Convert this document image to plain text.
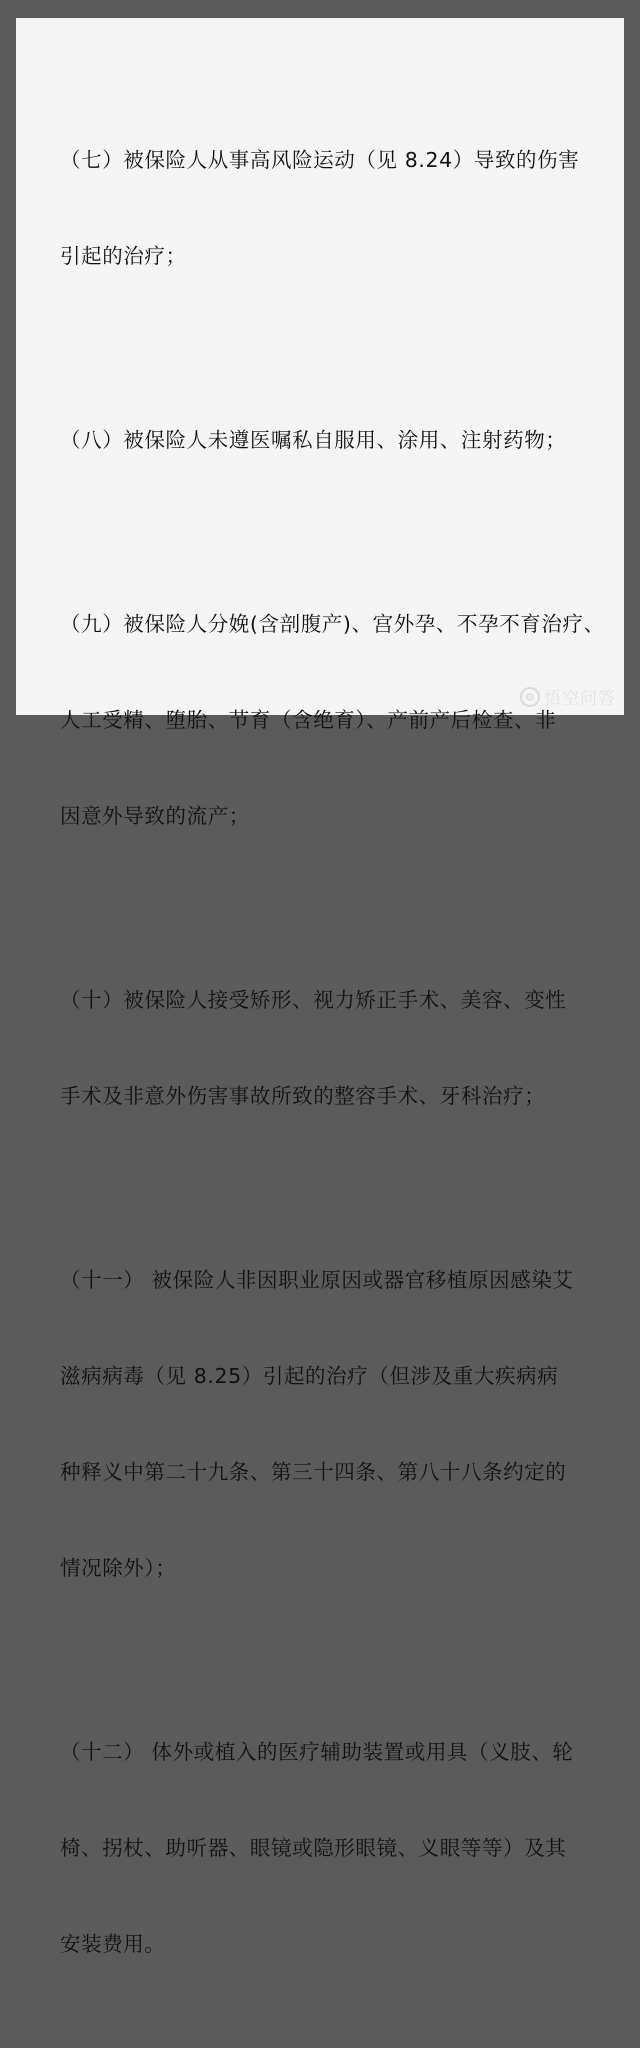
（七）被保险人从事高风险运动（见 8.24）导致的伤害

引起的治疗；

（八）被保险人未遵医嘱私自服用、涂用、注射药物；

（九）被保险人分娩(含剖腹产)、宫外孕、不孕不育治疗、

人工受精、堕胎、节育（含绝育）、产前产后检查、非

因意外导致的流产；

（十）被保险人接受矫形、视力矫正手术、美容、变性

手术及非意外伤害事故所致的整容手术、牙科治疗；

（十一） 被保险人非因职业原因或器官移植原因感染艾

滋病病毒（见 8.25）引起的治疗（但涉及重大疾病病

种释义中第二十九条、第三十四条、第八十八条约定的

情况除外）；

（十二） 体外或植入的医疗辅助装置或用具（义肢、轮

椅、拐杖、助听器、眼镜或隐形眼镜、义眼等等）及其

安装费用。

悟空问答
